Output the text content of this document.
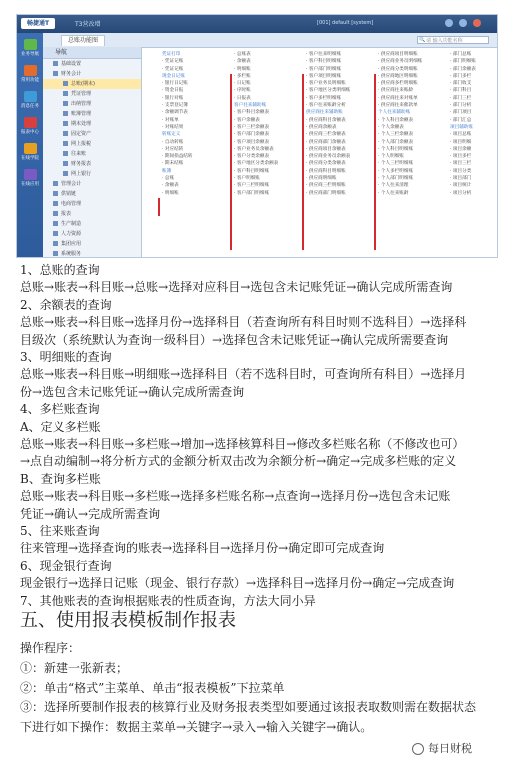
畅捷通T	T3营改增	[001] default [system]
总账功能图
🔍	请 输入功能名称
业务导航
常用功能
消息任务
报表中心
在线学院
在线应用
导航
基础设置
财务会计
总账(期末)
凭证管理
出纳管理
账簿管理
期末处理
固定资产
网上报税
往来账
财务报表
网上银行
管理会计
供销链
电商管理
报表
生产制造
人力资源
集团应用
系统服务
凭证打印
· 凭证记账
· 凭证记账
现金日记账
· 银行日记账
· 资金日报
· 银行对账
· 支票登记簿
· 余额调节表
· 对账单
· 对账结果
转账定义
· 自动转账
· 对应结转
· 期间损益结转
· 期末结账
账簿
· 总账
· 余额表
· 明细账
· 总账表
· 余额表
· 明细账
· 多栏账
· 日记账
· 序时账
· 日报表
客户往来辅助账
· 客户科目余额表
· 客户余额表
· 客户三栏余额表
· 客户部门余额表
· 客户项目余额表
· 客户业务员余额表
· 客户分类余额表
· 客户地区分类余额表
· 客户科目明细账
· 客户明细账
· 客户三栏明细账
· 客户部门明细账
· 客户往来明细账
· 客户科目明细账
· 客户部门明细账
· 客户项目明细账
· 客户业务员明细账
· 客户地区分类明细账
· 客户多栏明细账
· 客户往来账龄分析
供应商往来辅助账
· 供应商科目余额表
· 供应商余额表
· 供应商三栏余额表
· 供应商部门余额表
· 供应商项目余额表
· 供应商业务员余额表
· 供应商分类余额表
· 供应商科目明细账
· 供应商明细账
· 供应商三栏明细账
· 供应商部门明细账
· 供应商项目明细账
· 供应商业务员明细账
· 供应商分类明细账
· 供应商地区明细账
· 供应商多栏明细账
· 供应商往来账龄
· 供应商往来对账单
· 供应商往来催款单
个人往来辅助账
· 个人科目余额表
· 个人余额表
· 个人三栏余额表
· 个人部门余额表
· 个人科目明细账
· 个人明细账
· 个人三栏明细账
· 个人多栏明细账
· 个人部门明细账
· 个人往来清理
· 个人往来账龄
· 部门总账
· 部门明细账
· 部门余额表
· 部门多栏
· 部门收支
· 部门科目
· 部门三栏
· 部门分析
· 部门项目
· 部门汇总
项目辅助账
· 项目总账
· 项目明细
· 项目余额
· 项目多栏
· 项目三栏
· 项目分类
· 项目部门
· 项目统计
· 项目分析
1、总账的查询
总账→账表→科目账→总账→选择对应科目→选包含未记账凭证→确认完成所需查询
2、余额表的查询
总账→账表→科目账→选择月份→选择科目（若查询所有科目时则不选科目）→选择科
目级次（系统默认为查询一级科目）→选择包含未记账凭证→确认完成所需要查询
3、明细账的查询
总账→账表→科目账→明细账→选择科目（若不选科目时，可查询所有科目）→选择月
份→选包含未记账凭证→确认完成所需查询
4、多栏账查询
A、定义多栏账
总账→账表→科目账→多栏账→增加→选择核算科目→修改多栏账名称（不修改也可）
→点自动编制→将分析方式的金额分析双击改为余额分析→确定→完成多栏账的定义
B、查询多栏账
总账→账表→科目账→多栏账→选择多栏账名称→点查询→选择月份→选包含未记账
凭证→确认→完成所需查询
5、往来账查询
往来管理→选择查询的账表→选择科目→选择月份→确定即可完成查询
6、现金银行查询
现金银行→选择日记账（现金、银行存款）→选择科目→选择月份→确定→完成查询
7、其他账表的查询根据账表的性质查询，方法大同小异
五、使用报表模板制作报表
操作程序：
①：新建一张新表；
②：单击“格式”主菜单、单击“报表模板”下拉菜单
③：选择所要制作报表的核算行业及财务报表类型如要通过该报表取数则需在数据状态
下进行如下操作：数据主菜单→关键字→录入→输入关键字→确认。
每日财税
